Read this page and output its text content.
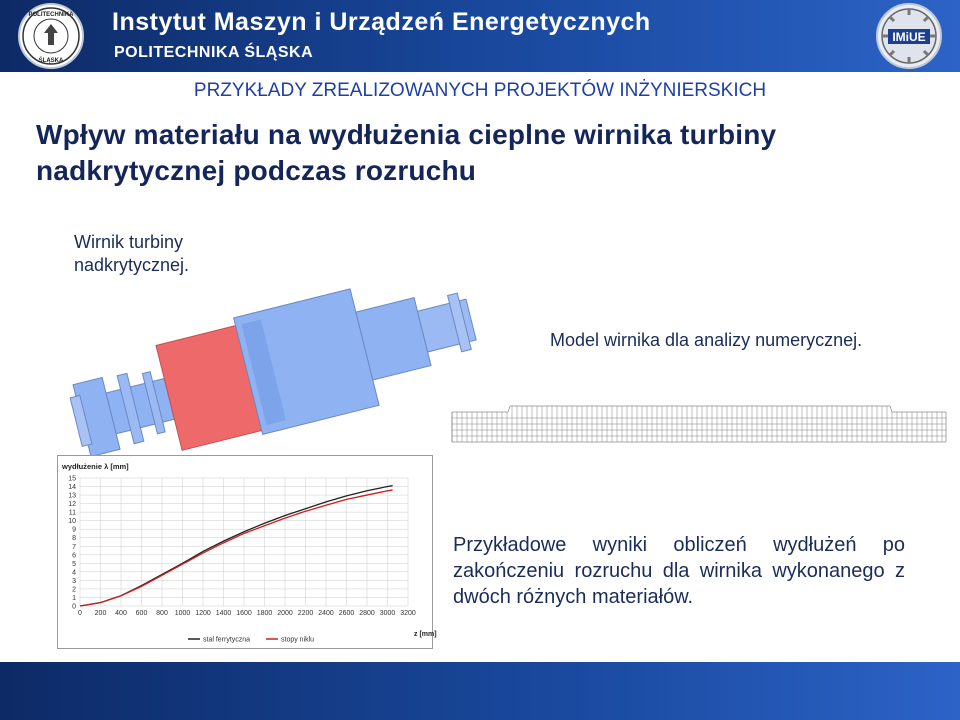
POLITECHNIKA
ŚLĄSKA
Instytut Maszyn i Urządzeń Energetycznych
POLITECHNIKA ŚLĄSKA
IMiUE
PRZYKŁADY ZREALIZOWANYCH PROJEKTÓW INŻYNIERSKICH
Wpływ materiału na wydłużenia cieplne wirnika turbiny nadkrytycznej podczas rozruchu
Wirnik turbiny nadkrytycznej.
Model wirnika dla analizy numerycznej.
0 200 400 600 800 1000 1200 1400 1600 1800 2000 2200 2400 2600 2800 3000 3200
0
1
2
3
4
5
6
7
8
9
10
11
12
13
14
15
wydłużenie λ [mm]
z [mm]
stal ferrytyczna	stopy niklu
Przykładowe wyniki obliczeń wydłużeń po zakończeniu rozruchu dla wirnika wykonanego z dwóch różnych materiałów.
